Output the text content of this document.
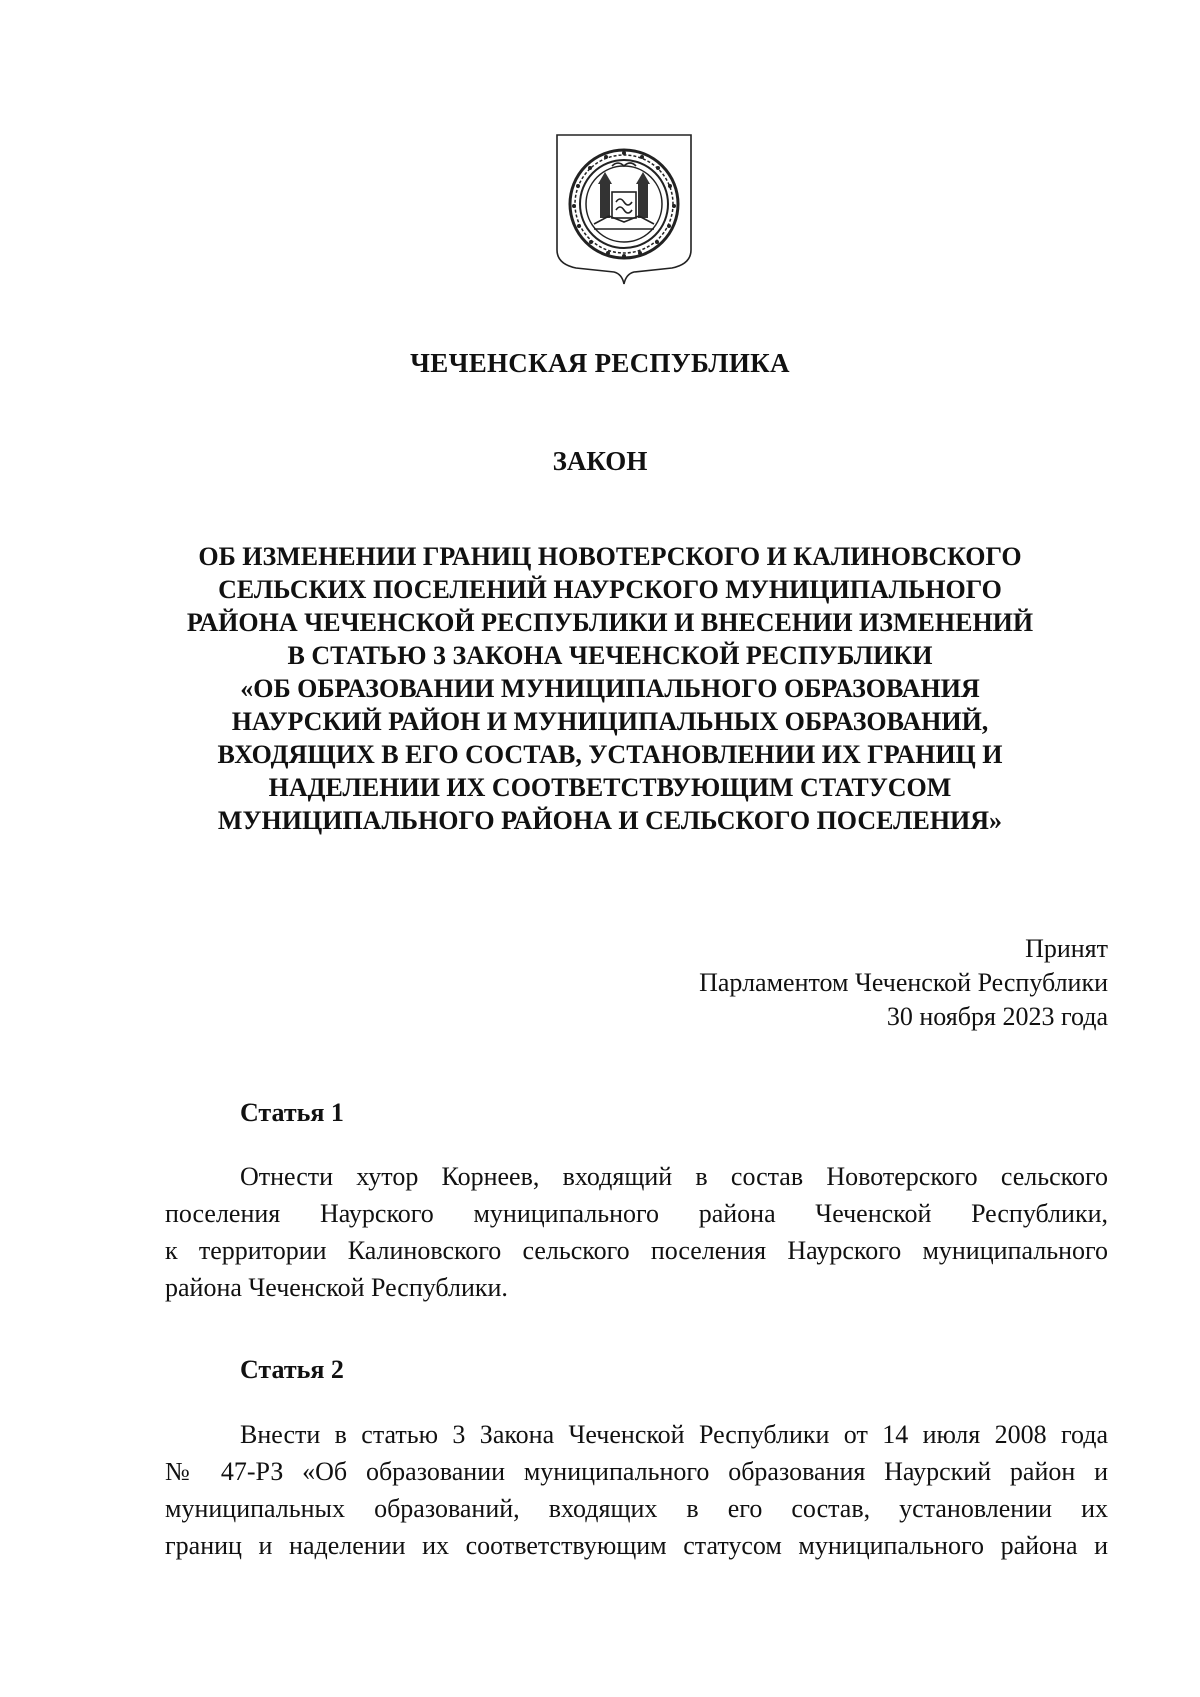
ЧЕЧЕНСКАЯ РЕСПУБЛИКА
ЗАКОН
ОБ ИЗМЕНЕНИИ ГРАНИЦ НОВОТЕРСКОГО И КАЛИНОВСКОГО
СЕЛЬСКИХ ПОСЕЛЕНИЙ НАУРСКОГО МУНИЦИПАЛЬНОГО
РАЙОНА ЧЕЧЕНСКОЙ РЕСПУБЛИКИ И ВНЕСЕНИИ ИЗМЕНЕНИЙ
В СТАТЬЮ 3 ЗАКОНА ЧЕЧЕНСКОЙ РЕСПУБЛИКИ
«ОБ ОБРАЗОВАНИИ МУНИЦИПАЛЬНОГО ОБРАЗОВАНИЯ
НАУРСКИЙ РАЙОН И МУНИЦИПАЛЬНЫХ ОБРАЗОВАНИЙ,
ВХОДЯЩИХ В ЕГО СОСТАВ, УСТАНОВЛЕНИИ ИХ ГРАНИЦ И
НАДЕЛЕНИИ ИХ СООТВЕТСТВУЮЩИМ СТАТУСОМ
МУНИЦИПАЛЬНОГО РАЙОНА И СЕЛЬСКОГО ПОСЕЛЕНИЯ»
Принят
Парламентом Чеченской Республики
30 ноября 2023 года
Статья 1
Отнести хутор Корнеев, входящий в состав Новотерского сельского
поселения Наурского муниципального района Чеченской Республики,
к территории Калиновского сельского поселения Наурского муниципального
района Чеченской Республики.
Статья 2
Внести в статью 3 Закона Чеченской Республики от 14 июля 2008 года
№ 47-РЗ «Об образовании муниципального образования Наурский район и
муниципальных образований, входящих в его состав, установлении их
границ и наделении их соответствующим статусом муниципального района и
